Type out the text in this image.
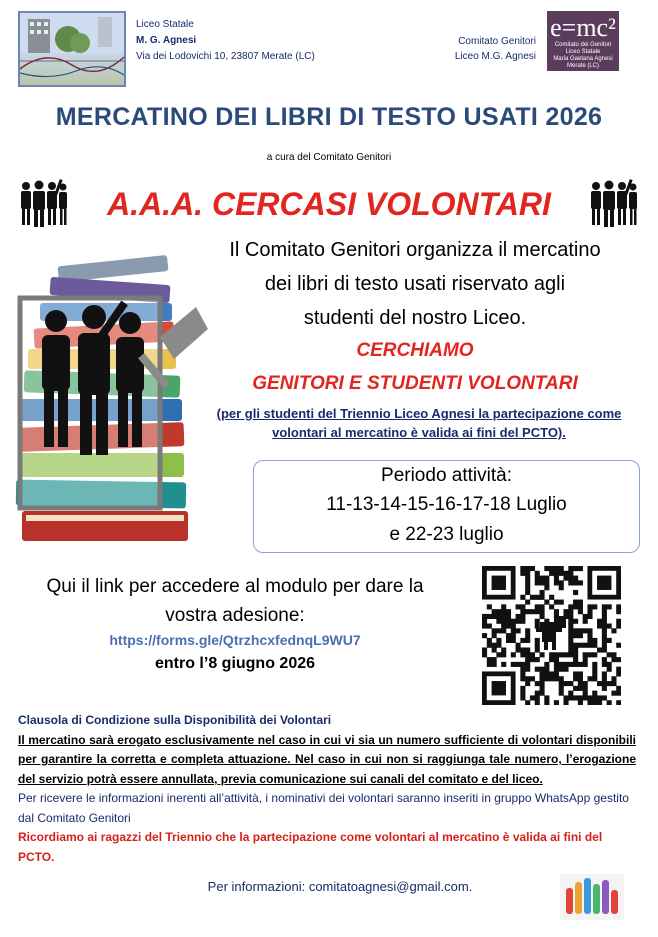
Liceo Statale
M. G. Agnesi
Via dei Lodovichi 10, 23807 Merate (LC)
Comitato Genitori
Liceo M.G. Agnesi
e=mc²
Comitato dei Genitori
Liceo Statale
Maria Gaetana Agnesi
Merate (LC)
MERCATINO DEI LIBRI DI TESTO USATI 2026
a cura del Comitato Genitori
A.A.A. CERCASI VOLONTARI
Il Comitato Genitori organizza il mercatino
dei libri di testo usati riservato agli
studenti del nostro Liceo.
CERCHIAMO
GENITORI E STUDENTI VOLONTARI
(per gli studenti del Triennio Liceo Agnesi la partecipazione come volontari al mercatino è valida ai fini del PCTO).
Periodo attività:
11-13-14-15-16-17-18 Luglio
e 22-23 luglio
Qui il link per accedere al modulo per dare la
vostra adesione:
https://forms.gle/QtrzhcxfednqL9WU7
entro l’8 giugno 2026
Clausola di Condizione sulla Disponibilità dei Volontari
Il mercatino sarà erogato esclusivamente nel caso in cui vi sia un numero sufficiente di volontari disponibili per garantire la corretta e completa attuazione. Nel caso in cui non si raggiunga tale numero, l’erogazione del servizio potrà essere annullata, previa comunicazione sui canali del comitato e del liceo.
Per ricevere le informazioni inerenti all’attività, i nominativi dei volontari saranno inseriti in gruppo WhatsApp gestito dal Comitato Genitori
Ricordiamo ai ragazzi del Triennio che la partecipazione come volontari al mercatino è valida ai fini del PCTO.
Per informazioni: comitatoagnesi@gmail.com.
